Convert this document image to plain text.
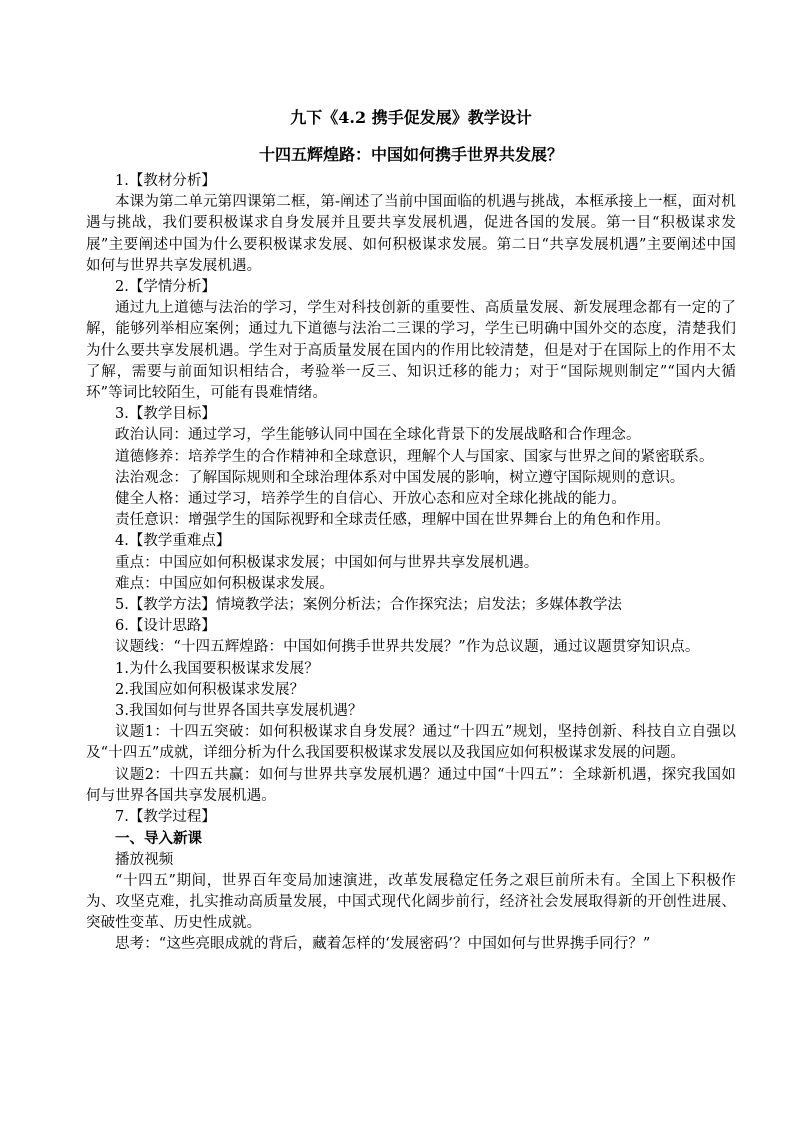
九下《4.2 携手促发展》教学设计
十四五辉煌路：中国如何携手世界共发展？
1.【教材分析】

本课为第二单元第四课第二框，第-阐述了当前中国面临的机遇与挑战，本框承接上一框，面对机遇与挑战，我们要积极谋求自身发展并且要共享发展机遇，促进各国的发展。第一目“积极谋求发展”主要阐述中国为什么要积极谋求发展、如何积极谋求发展。第二日“共享发展机遇”主要阐述中国如何与世界共享发展机遇。

2.【学情分析】

通过九上道德与法治的学习，学生对科技创新的重要性、高质量发展、新发展理念都有一定的了解，能够列举相应案例；通过九下道德与法治二三课的学习，学生已明确中国外交的态度，清楚我们为什么要共享发展机遇。学生对于高质量发展在国内的作用比较清楚，但是对于在国际上的作用不太了解，需要与前面知识相结合，考验举一反三、知识迁移的能力；对于“国际规则制定”“国内大循环”等词比较陌生，可能有畏难情绪。

3.【教学目标】

政治认同：通过学习，学生能够认同中国在全球化背景下的发展战略和合作理念。

道德修养：培养学生的合作精神和全球意识，理解个人与国家、国家与世界之间的紧密联系。

法治观念：了解国际规则和全球治理体系对中国发展的影响，树立遵守国际规则的意识。

健全人格：通过学习，培养学生的自信心、开放心态和应对全球化挑战的能力。

责任意识：增强学生的国际视野和全球责任感，理解中国在世界舞台上的角色和作用。

4.【教学重难点】

重点：中国应如何积极谋求发展；中国如何与世界共享发展机遇。

难点：中国应如何积极谋求发展。

5.【教学方法】情境教学法；案例分析法；合作探究法；启发法；多媒体教学法
6.【设计思路】

议题线：“十四五辉煌路：中国如何携手世界共发展？”作为总议题，通过议题贯穿知识点。

1.为什么我国要积极谋求发展？

2.我国应如何积极谋求发展？

3.我国如何与世界各国共享发展机遇？

议题1：十四五突破：如何积极谋求自身发展？通过“十四五”规划，坚持创新、科技自立自强以及“十四五”成就，详细分析为什么我国要积极谋求发展以及我国应如何积极谋求发展的问题。

议题2：十四五共赢：如何与世界共享发展机遇？通过中国“十四五”：全球新机遇，探究我国如何与世界各国共享发展机遇。

7.【教学过程】
一、导入新课

播放视频

“十四五”期间，世界百年变局加速演进，改革发展稳定任务之艰巨前所未有。全国上下积极作为、攻坚克难，扎实推动高质量发展，中国式现代化阔步前行，经济社会发展取得新的开创性进展、突破性变革、历史性成就。

思考：“这些亮眼成就的背后，藏着怎样的‘发展密码’？中国如何与世界携手同行？”
